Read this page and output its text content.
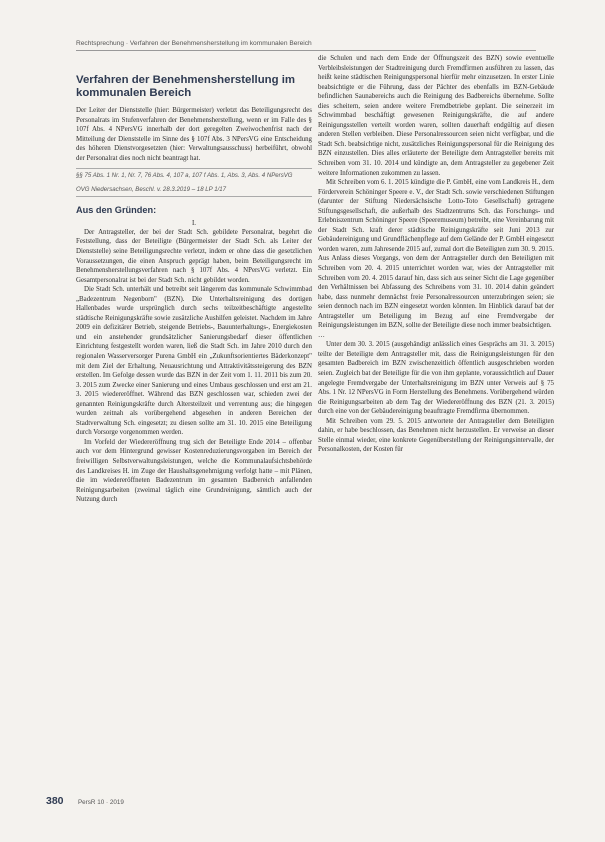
Rechtsprechung · Verfahren der Benehmensherstellung im kommunalen Bereich
Verfahren der Benehmensherstellung im kommunalen Bereich

Der Leiter der Dienststelle (hier: Bürgermeister) verletzt das Beteiligungsrecht des Personalrats im Stufenverfahren der Benehmensherstellung, wenn er im Falle des § 107f Abs. 4 NPersVG innerhalb der dort geregelten Zweiwochenfrist nach der Mitteilung der Dienststelle im Sinne des § 107f Abs. 3 NPersVG eine Entscheidung des höheren Dienstvorgesetzten (hier: Verwaltungsausschuss) herbeiführt, obwohl der Personalrat dies noch nicht beantragt hat.

§§ 75 Abs. 1 Nr. 1, Nr. 7, 76 Abs. 4, 107 a, 107 f Abs. 1, Abs. 3, Abs. 4 NPersVG
OVG Niedersachsen, Beschl. v. 28.3.2019 – 18 LP 1/17
Aus den Gründen:
I.

Der Antragsteller, der bei der Stadt Sch. gebildete Personalrat, begehrt die Feststellung, dass der Beteiligte (Bürgermeister der Stadt Sch. als Leiter der Dienststelle) seine Beteiligungsrechte verletzt, indem er ohne dass die gesetzlichen Voraussetzungen, die einen Anspruch geprägt haben, beim Beteiligungsrecht im Benehmensherstellungsverfahren nach § 107f Abs. 4 NPersVG verletzt. Ein Gesamtpersonalrat ist bei der Stadt Sch. nicht gebildet worden.

Die Stadt Sch. unterhält und betreibt seit längerem das kommunale Schwimmbad „Badezentrum Negenborn" (BZN). Die Unterhaltsreinigung des dortigen Hallenbades wurde ursprünglich durch sechs teilzeitbeschäftigte angestellte städtische Reinigungskräfte sowie zusätzliche Aushilfen geleistet. Nachdem im Jahre 2009 ein defizitärer Betrieb, steigende Betriebs-, Bauunterhaltungs-, Energiekosten und ein anstehender grundsätzlicher Sanierungsbedarf dieser öffentlichen Einrichtung festgestellt worden waren, ließ die Stadt Sch. im Jahre 2010 durch den regionalen Wasserversorger Purena GmbH ein „Zukunftsorientiertes Bäderkonzept" mit dem Ziel der Erhaltung, Neuausrichtung und Attraktivitätssteigerung des BZN erstellen. Im Gefolge dessen wurde das BZN in der Zeit vom 1. 11. 2011 bis zum 20. 3. 2015 zum Zwecke einer Sanierung und eines Umbaus geschlossen und erst am 21. 3. 2015 wiedereröffnet. Während das BZN geschlossen war, schieden zwei der genannten Reinigungskräfte durch Altersteilzeit und verrentung aus; die hingegen wurden zeitnah als vorübergehend abgesehen in anderen Bereichen der Stadtverwaltung Sch. eingesetzt; zu diesen sollte am 31. 10. 2015 eine Beteiligung durch Vorsorge vorgenommen werden.

Im Vorfeld der Wiedereröffnung trug sich der Beteiligte Ende 2014 – offenbar auch vor dem Hintergrund gewisser Kostenreduzierungsvorgaben im Bereich der freiwilligen Selbstverwaltungsleistungen, welche die Kommunalaufsichtsbehörde des Landkreises H. im Zuge der Haushaltsgenehmigung verfolgt hatte – mit Plänen, die im wiedereröffneten Badezentrum im gesamten Badbereich anfallenden Reinigungsarbeiten (zweimal täglich eine Grundreinigung, sämtlich auch der Nutzung durch

die Schulen und nach dem Ende der Öffnungszeit des BZN) sowie eventuelle Verbleibsleistungen der Stadtreinigung durch Fremdfirmen ausführen zu lassen, das heißt keine städtischen Reinigungspersonal hierfür mehr einzusetzen. In erster Linie beabsichtigte er die Führung, dass der Pächter des ebenfalls im BZN-Gebäude befindlichen Saunabereichs auch die Reinigung des Badbereichs übernehme. Sollte dies scheitern, seien andere weitere Fremdbetriebe geplant. Die seinerzeit im Schwimmbad beschäftigt gewesenen Reinigungskräfte, die auf andere Reinigungsstellen verteilt worden waren, sollten dauerhaft endgültig auf diesen anderen Stellen verbleiben. Diese Personalressourcen seien nicht verfügbar, und die Stadt Sch. beabsichtige nicht, zusätzliches Reinigungspersonal für die Reinigung des BZN einzustellen. Dies alles erläuterte der Beteiligte dem Antragsteller bereits mit Schreiben vom 31. 10. 2014 und kündigte an, dem Antragsteller zu gegebener Zeit weitere Informationen zukommen zu lassen.

Mit Schreiben vom 6. 1. 2015 kündigte die P. GmbH, eine vom Landkreis H., dem Förderverein Schöninger Speere e. V., der Stadt Sch. sowie verschiedenen Stiftungen (darunter der Stiftung Niedersächsische Lotto-Toto Gesellschaft) getragene Stiftungsgesellschaft, die außerhalb des Stadtzentrums Sch. das Forschungs- und Erlebniszentrum Schöninger Speere (Speeremuseum) betreibt, eine Vereinbarung mit der Stadt Sch. kraft derer städtische Reinigungskräfte seit Juni 2013 zur Gebäudereinigung und Grundflächenpflege auf dem Gelände der P. GmbH eingesetzt worden waren, zum Jahresende 2015 auf, zumal dort die Beteiligten zum 30. 9. 2015. Aus Anlass dieses Vorgangs, von dem der Antragsteller durch den Beteiligten mit Schreiben vom 20. 4. 2015 unterrichtet worden war, wies der Antragsteller mit Schreiben vom 20. 4. 2015 darauf hin, dass sich aus seiner Sicht die Lage gegenüber den Verhältnissen bei Abfassung des Schreibens vom 31. 10. 2014 dahin geändert habe, dass nunmehr demnächst freie Personalressourcen unterzubringen seien; sie seien dennoch nach im BZN eingesetzt worden könnten. Im Hinblick darauf bat der Antragsteller um Beteiligung im Bezug auf eine Fremdvergabe der Reinigungsleistungen im BZN, sollte der Beteiligte diese noch immer beabsichtigen.

…

Unter dem 30. 3. 2015 (ausgehändigt anlässlich eines Gesprächs am 31. 3. 2015) teilte der Beteiligte dem Antragsteller mit, dass die Reinigungsleistungen für den gesamten Badbereich im BZN zwischenzeitlich öffentlich ausgeschrieben worden seien. Zugleich bat der Beteiligte für die von ihm geplante, voraussichtlich auf Dauer angelegte Fremdvergabe der Unterhaltsreinigung im BZN unter Verweis auf § 75 Abs. 1 Nr. 12 NPersVG in Form Herstellung des Benehmens. Vorübergehend würden die Reinigungsarbeiten ab dem Tag der Wiedereröffnung des BZN (21. 3. 2015) durch eine von der Gebäudereinigung beauftragte Fremdfirma übernommen.

Mit Schreiben vom 29. 5. 2015 antwortete der Antragsteller dem Beteiligten dahin, er habe beschlossen, das Benehmen nicht herzustellen. Er verweise an dieser Stelle einmal wieder, eine konkrete Gegenüberstellung der Reinigungsintervalle, der Personalkosten, der Kosten für

380 PersR 10 · 2019
